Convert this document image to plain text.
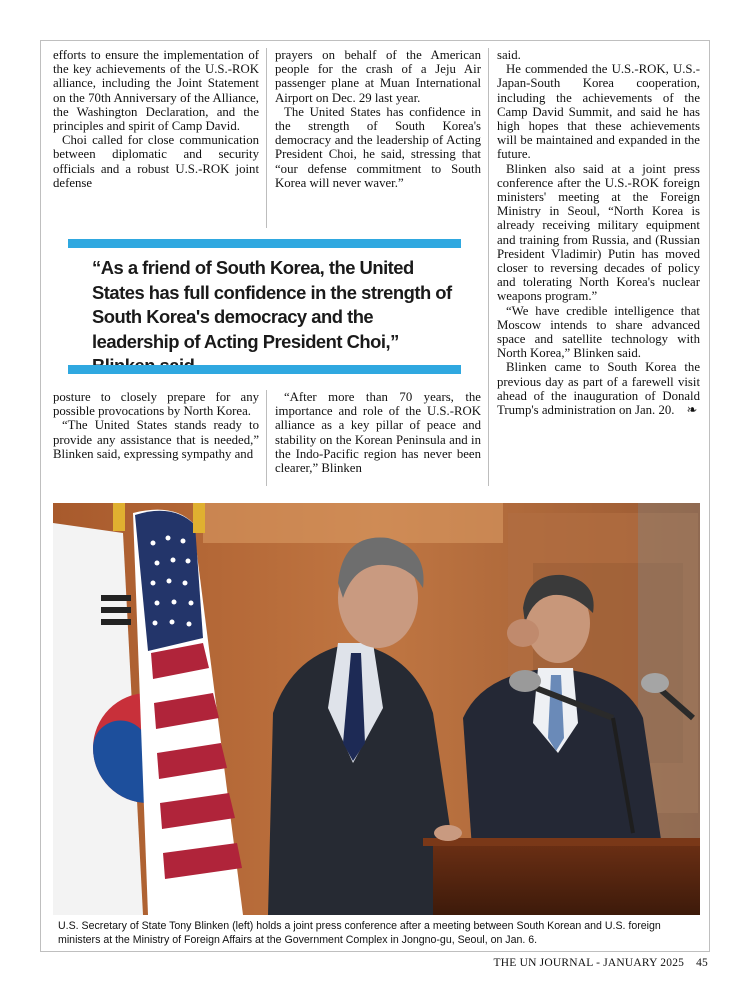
efforts to ensure the implementation of the key achievements of the U.S.-ROK alliance, including the Joint Statement on the 70th Anniversary of the Alliance, the Washington Declaration, and the principles and spirit of Camp David.

Choi called for close communication between diplomatic and security officials and a robust U.S.-ROK joint defense

prayers on behalf of the American people for the crash of a Jeju Air passenger plane at Muan International Airport on Dec. 29 last year.

The United States has confidence in the strength of South Korea's democracy and the leadership of Acting President Choi, he said, stressing that “our defense commitment to South Korea will never waver.”

said.

He commended the U.S.-ROK, U.S.-Japan-South Korea cooperation, including the achievements of the Camp David Summit, and said he has high hopes that these achievements will be maintained and expanded in the future.

Blinken also said at a joint press conference after the U.S.-ROK foreign ministers' meeting at the Foreign Ministry in Seoul, “North Korea is already receiving military equipment and training from Russia, and (Russian President Vladimir) Putin has moved closer to reversing decades of policy and tolerating North Korea's nuclear weapons program.”

“We have credible intelligence that Moscow intends to share advanced space and satellite technology with North Korea,” Blinken said.

Blinken came to South Korea the previous day as part of a farewell visit ahead of the inauguration of Donald Trump's administration on Jan. 20. ❧

“As a friend of South Korea, the United States has full confidence in the strength of South Korea's democracy and the leadership of Acting President Choi,”

posture to closely prepare for any possible provocations by North Korea.

“The United States stands ready to provide any assistance that is needed,” Blinken said, expressing sympathy and

“After more than 70 years, the importance and role of the U.S.-ROK alliance as a key pillar of peace and stability on the Korean Peninsula and in the Indo-Pacific region has never been clearer,” Blinken

U.S. Secretary of State Tony Blinken (left) holds a joint press conference after a meeting between South Korean and U.S. foreign ministers at the Ministry of Foreign Affairs at the Government Complex in Jongno-gu, Seoul, on Jan. 6.
THE UN JOURNAL - JANUARY 2025 45
